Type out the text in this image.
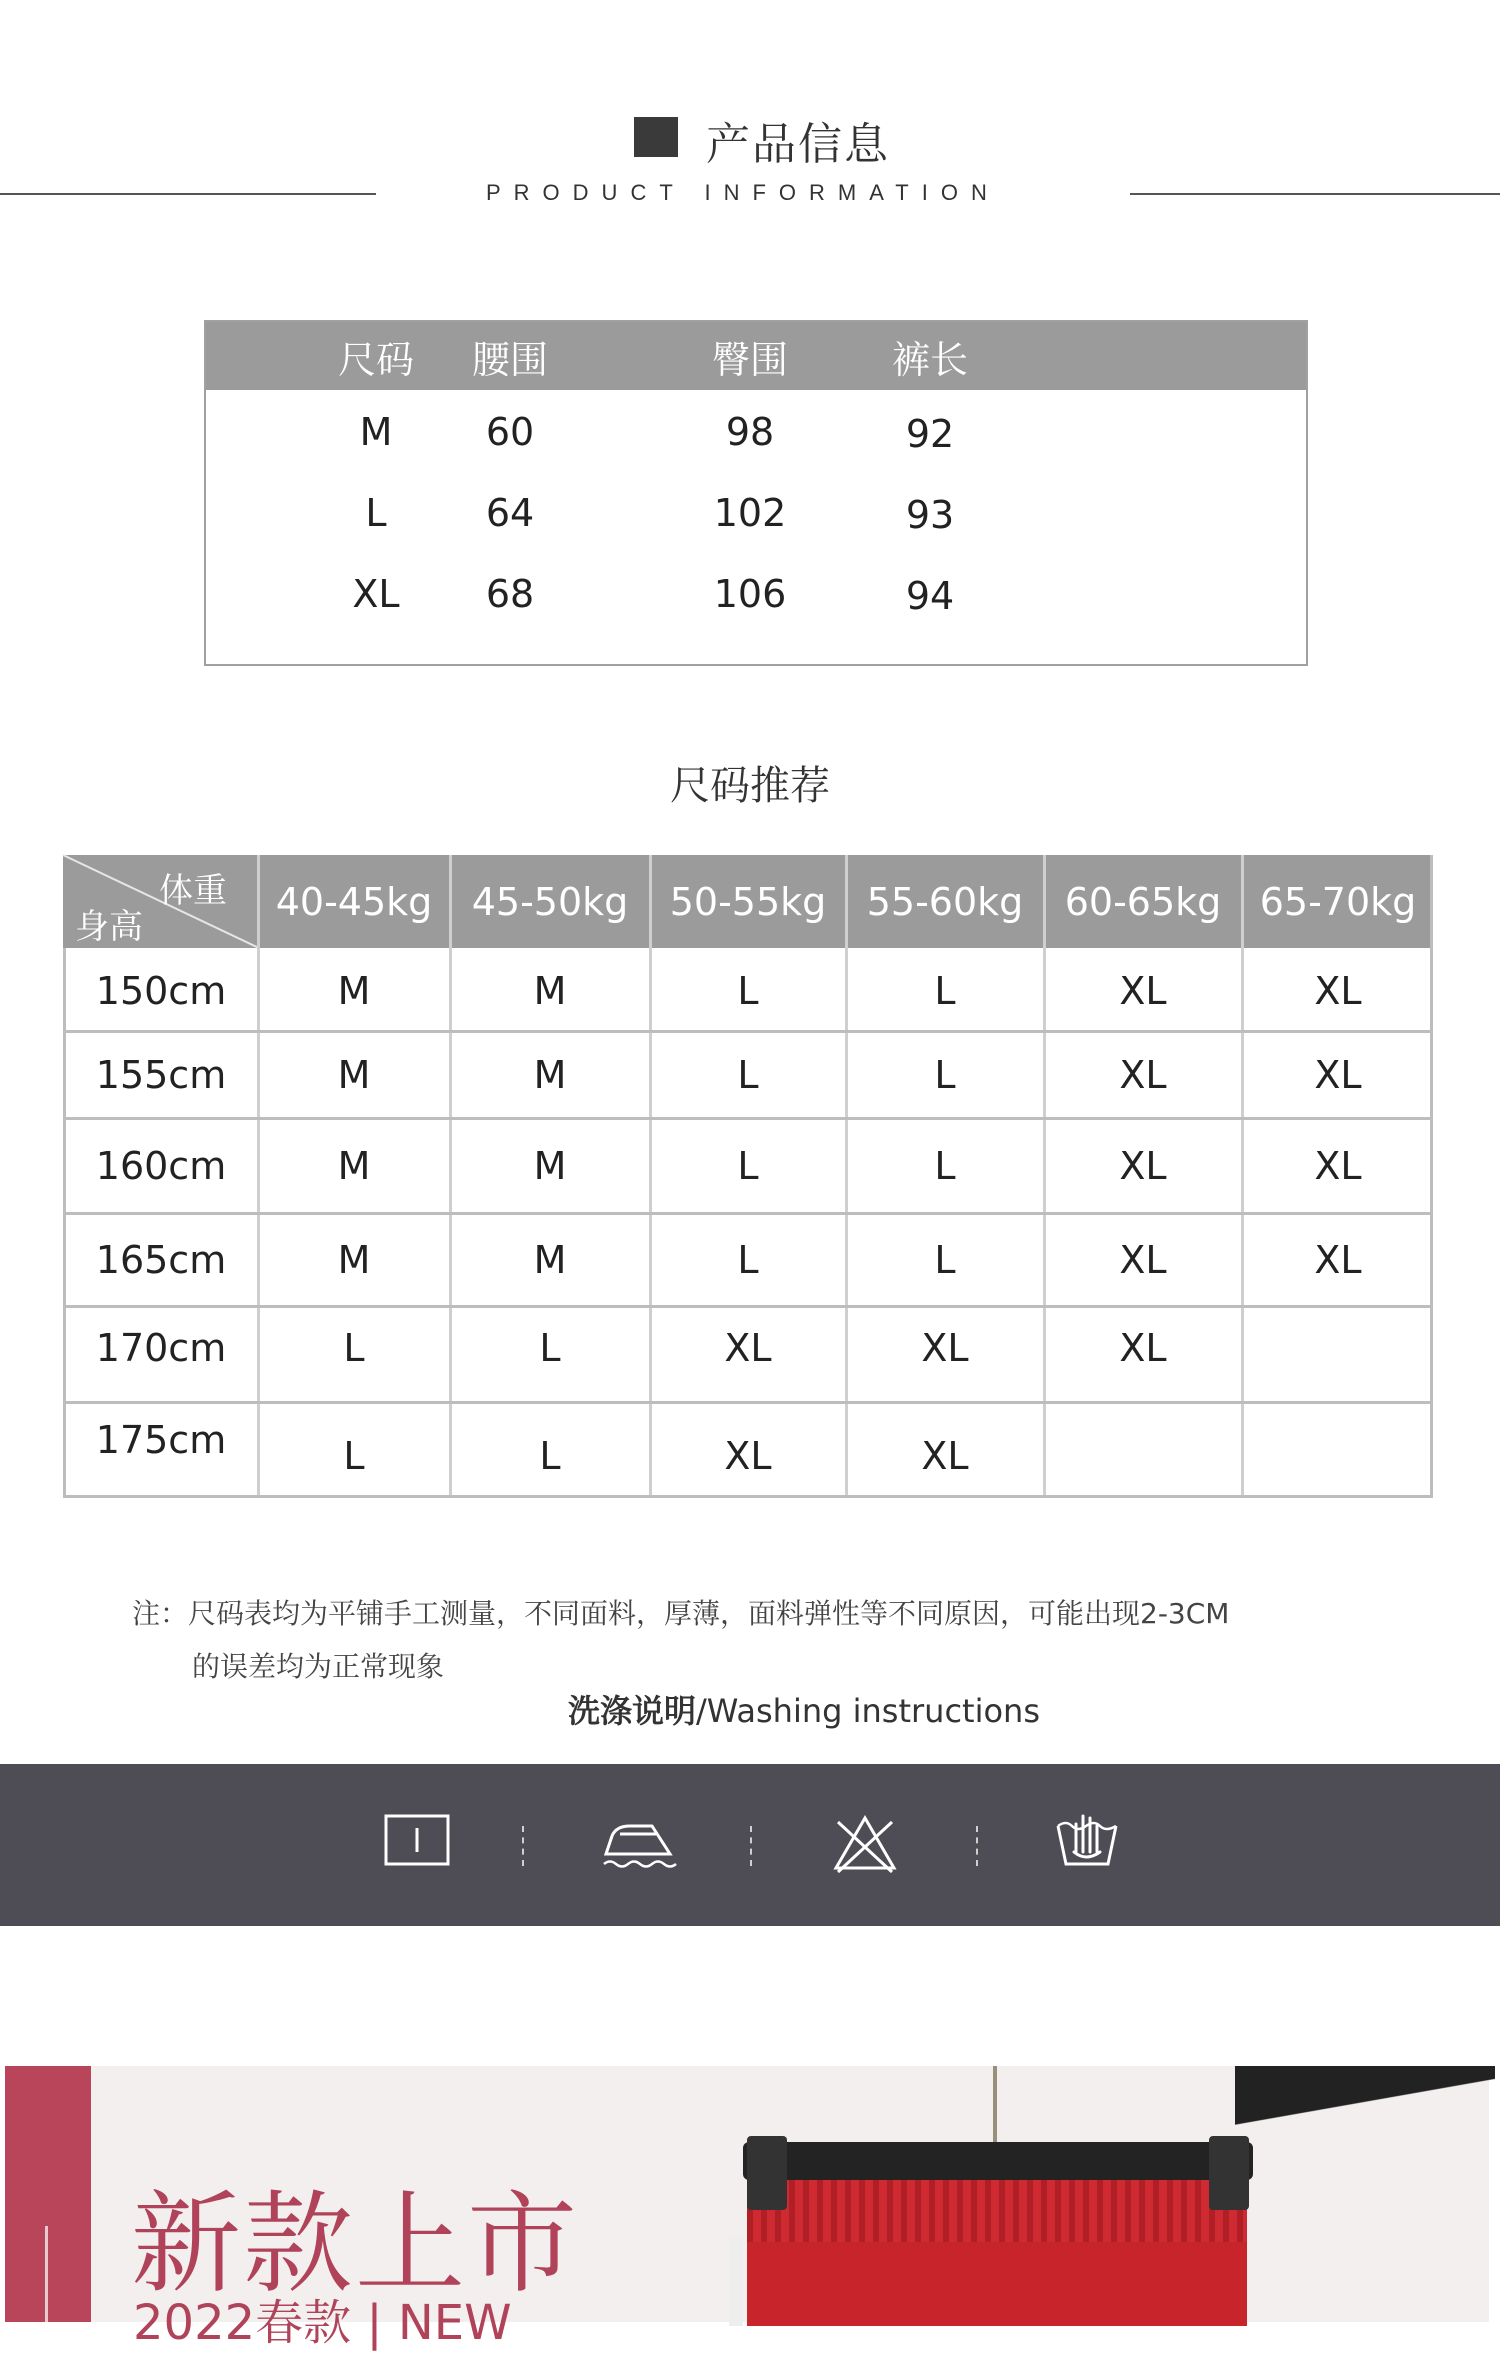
产品信息
PRODUCT INFORMATION
尺码	腰围	臀围	裤长
M	60	98	92
L	64	102	93
XL	68	106	94
尺码推荐
体重
身高
40-45kg	45-50kg	50-55kg	55-60kg	60-65kg	65-70kg
150cm	M	M	L	L	XL	XL
155cm	M	M	L	L	XL	XL
160cm	M	M	L	L	XL	XL
165cm	M	M	L	L	XL	XL
170cm	L	L	XL	XL	XL
175cm	L	L	XL	XL
注：尺码表均为平铺手工测量，不同面料，厚薄，面料弹性等不同原因，可能出现2-3CM
的误差均为正常现象
洗涤说明/Washing instructions
新款上市
2022春款 | NEW
